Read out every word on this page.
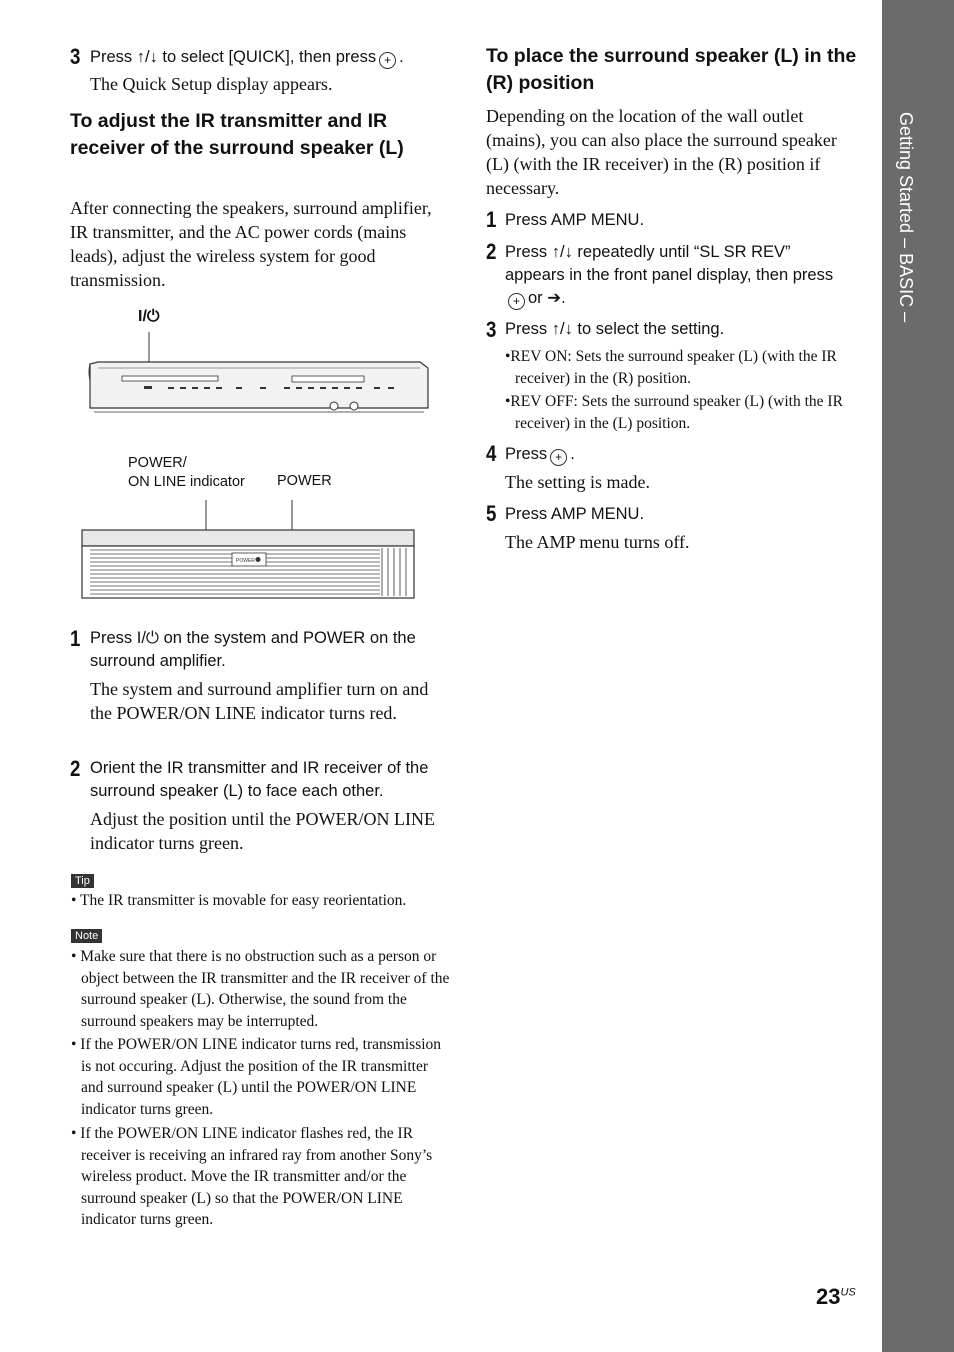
Getting Started – BASIC –
3 Press ↑/↓ to select [QUICK], then press + .
The Quick Setup display appears.
To adjust the IR transmitter and IR receiver of the surround speaker (L)
After connecting the speakers, surround amplifier, IR transmitter, and the AC power cords (mains leads), adjust the wireless system for good transmission.
I/⏻
POWER/
ON LINE indicator POWER
POWER
1 Press I/⏻ on the system and POWER on the surround amplifier.
The system and surround amplifier turn on and the POWER/ON LINE indicator turns red.
2 Orient the IR transmitter and IR receiver of the surround speaker (L) to face each other.
Adjust the position until the POWER/ON LINE indicator turns green.
Tip
• The IR transmitter is movable for easy reorientation.
Note
• Make sure that there is no obstruction such as a person or object between the IR transmitter and the IR receiver of the surround speaker (L). Otherwise, the sound from the surround speakers may be interrupted.
• If the POWER/ON LINE indicator turns red, transmission is not occuring. Adjust the position of the IR transmitter and surround speaker (L) until the POWER/ON LINE indicator turns green.
• If the POWER/ON LINE indicator flashes red, the IR receiver is receiving an infrared ray from another Sony’s wireless product. Move the IR transmitter and/or the surround speaker (L) so that the POWER/ON LINE indicator turns green.
To place the surround speaker (L) in the (R) position
Depending on the location of the wall outlet (mains), you can also place the surround speaker (L) (with the IR receiver) in the (R) position if necessary.
1 Press AMP MENU.
2 Press ↑/↓ repeatedly until “SL SR REV” appears in the front panel display, then press+ or ➔.
3 Press ↑/↓ to select the setting.
•REV ON: Sets the surround speaker (L) (with the IR receiver) in the (R) position.
•REV OFF: Sets the surround speaker (L) (with the IR receiver) in the (L) position.
4 Press + .
The setting is made.
5 Press AMP MENU.
The AMP menu turns off.
$23^{US}$
